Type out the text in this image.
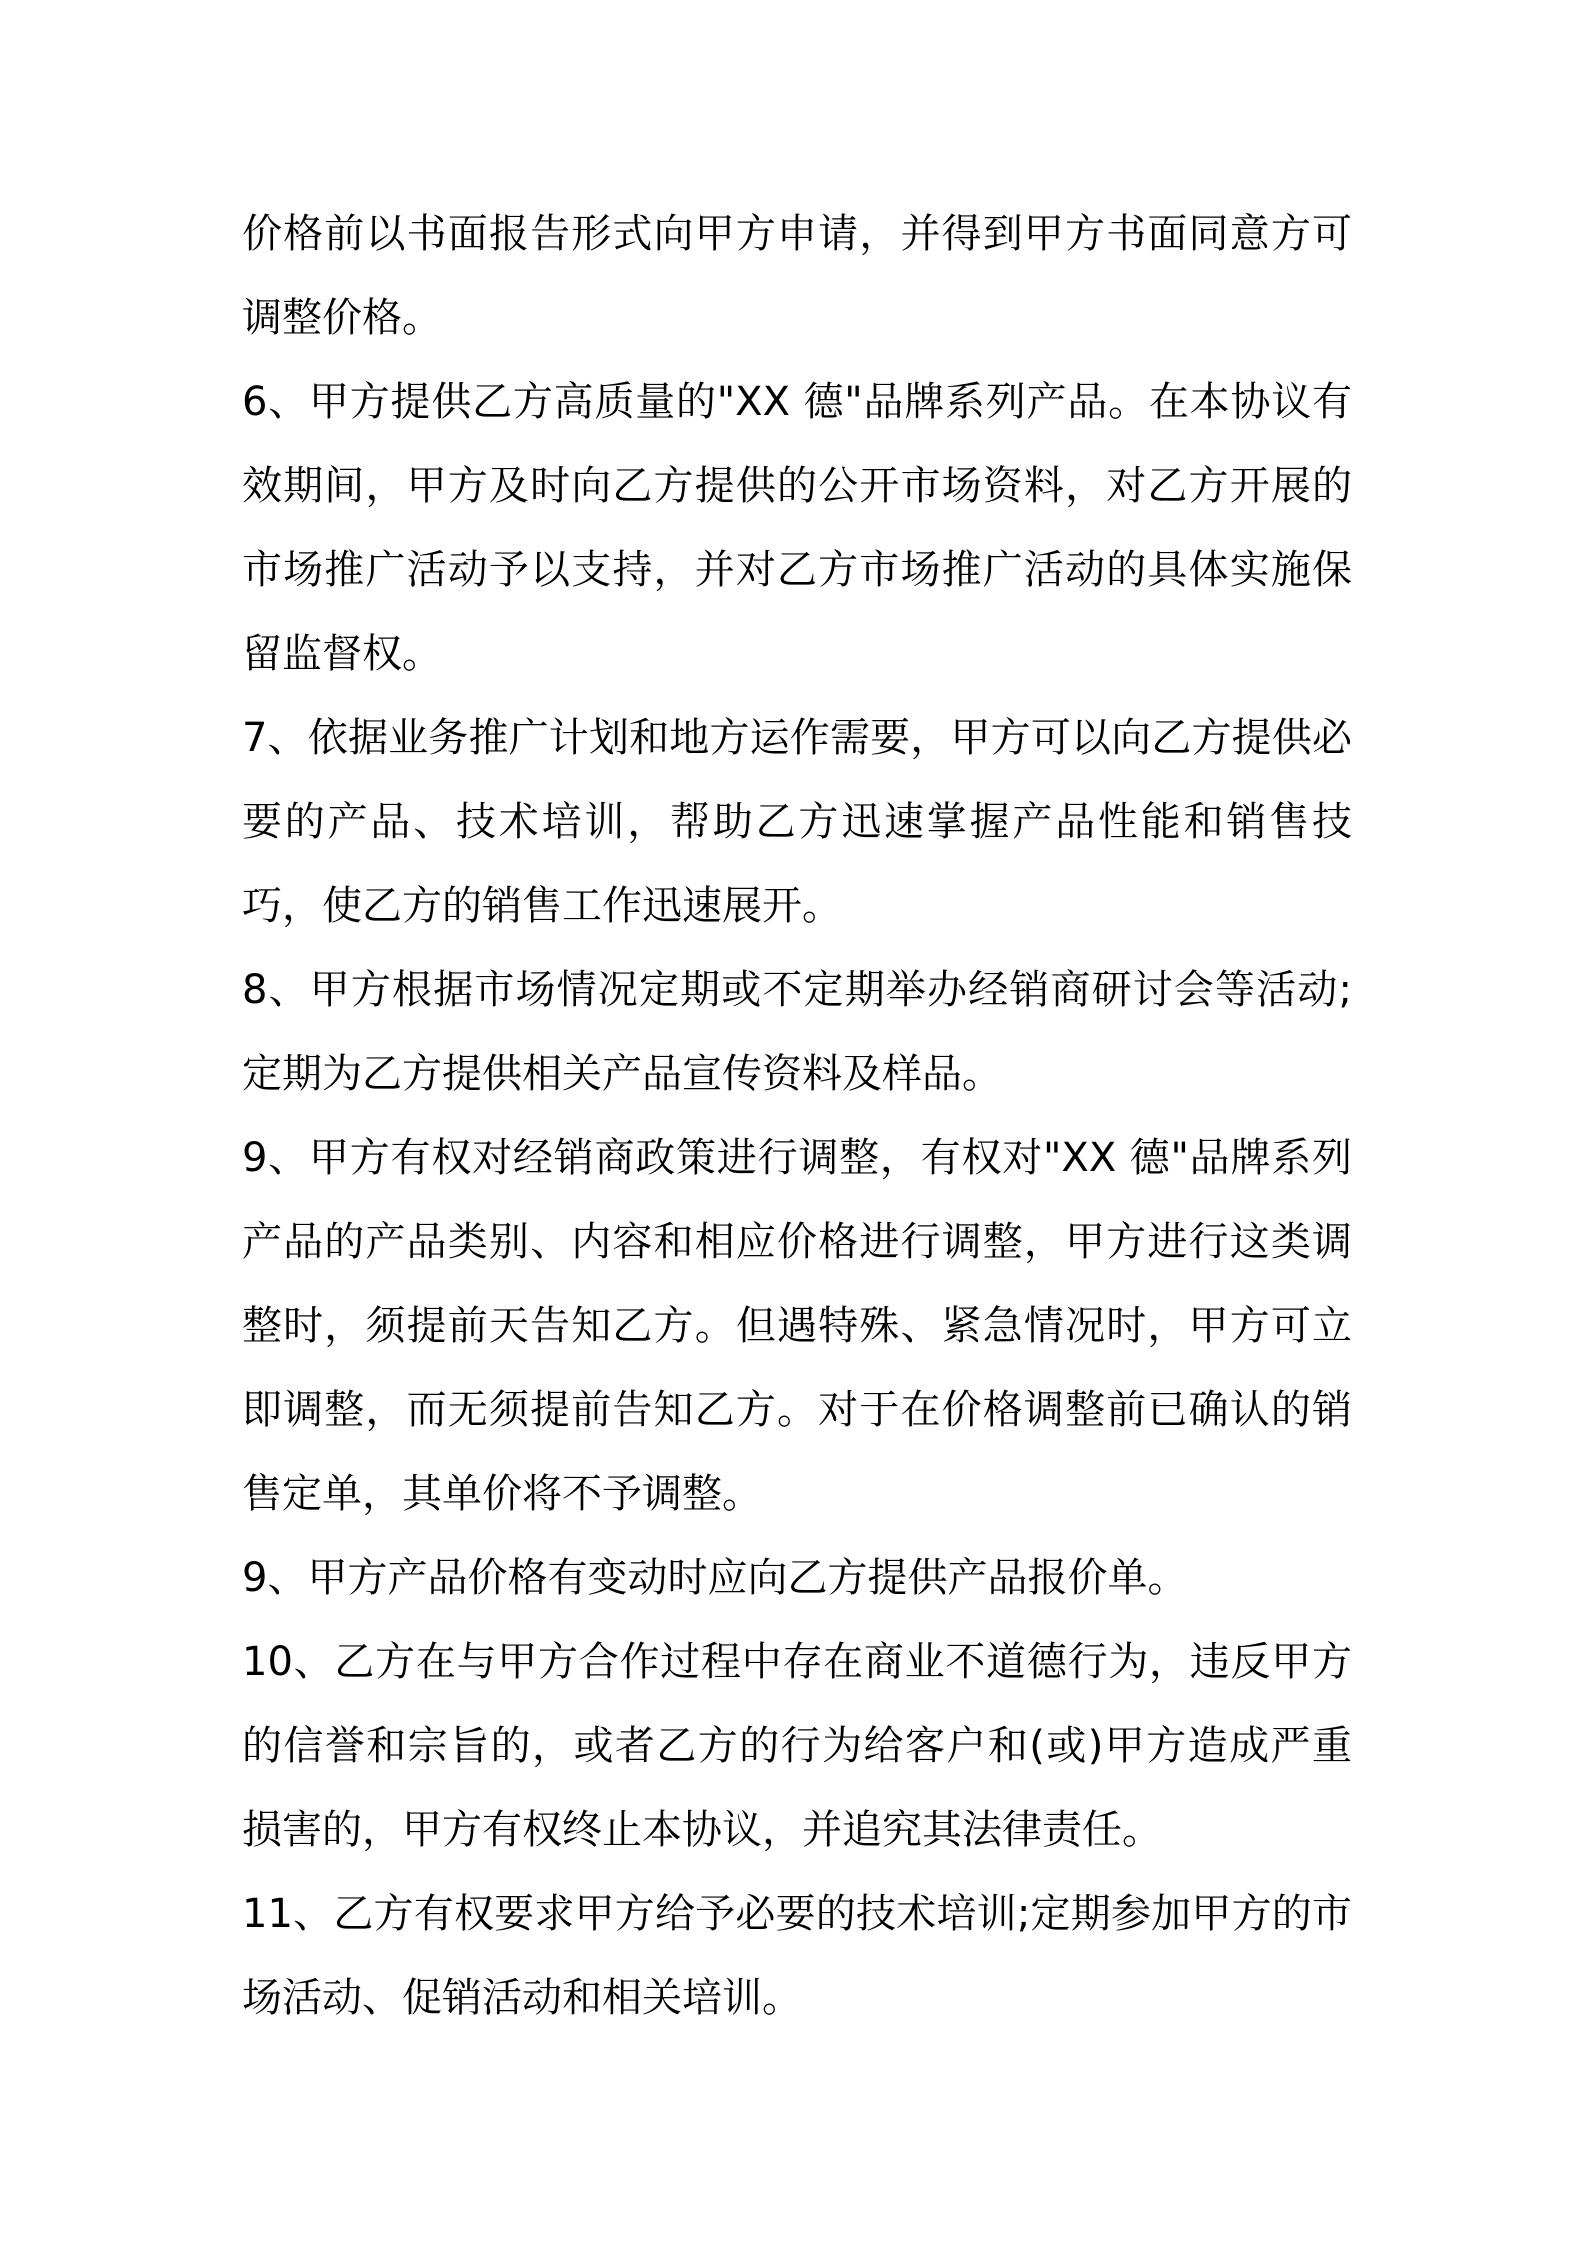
价格前以书面报告形式向甲方申请，并得到甲方书面同意方可调整价格。

6、甲方提供乙方高质量的"XX 德"品牌系列产品。在本协议有效期间，甲方及时向乙方提供的公开市场资料，对乙方开展的市场推广活动予以支持，并对乙方市场推广活动的具体实施保留监督权。

7、依据业务推广计划和地方运作需要，甲方可以向乙方提供必要的产品、技术培训，帮助乙方迅速掌握产品性能和销售技巧，使乙方的销售工作迅速展开。

8、甲方根据市场情况定期或不定期举办经销商研讨会等活动;定期为乙方提供相关产品宣传资料及样品。

9、甲方有权对经销商政策进行调整，有权对"XX 德"品牌系列产品的产品类别、内容和相应价格进行调整，甲方进行这类调整时，须提前天告知乙方。但遇特殊、紧急情况时，甲方可立即调整，而无须提前告知乙方。对于在价格调整前已确认的销售定单，其单价将不予调整。

9、甲方产品价格有变动时应向乙方提供产品报价单。

10、乙方在与甲方合作过程中存在商业不道德行为，违反甲方的信誉和宗旨的，或者乙方的行为给客户和(或)甲方造成严重损害的，甲方有权终止本协议，并追究其法律责任。

11、乙方有权要求甲方给予必要的技术培训;定期参加甲方的市场活动、促销活动和相关培训。
